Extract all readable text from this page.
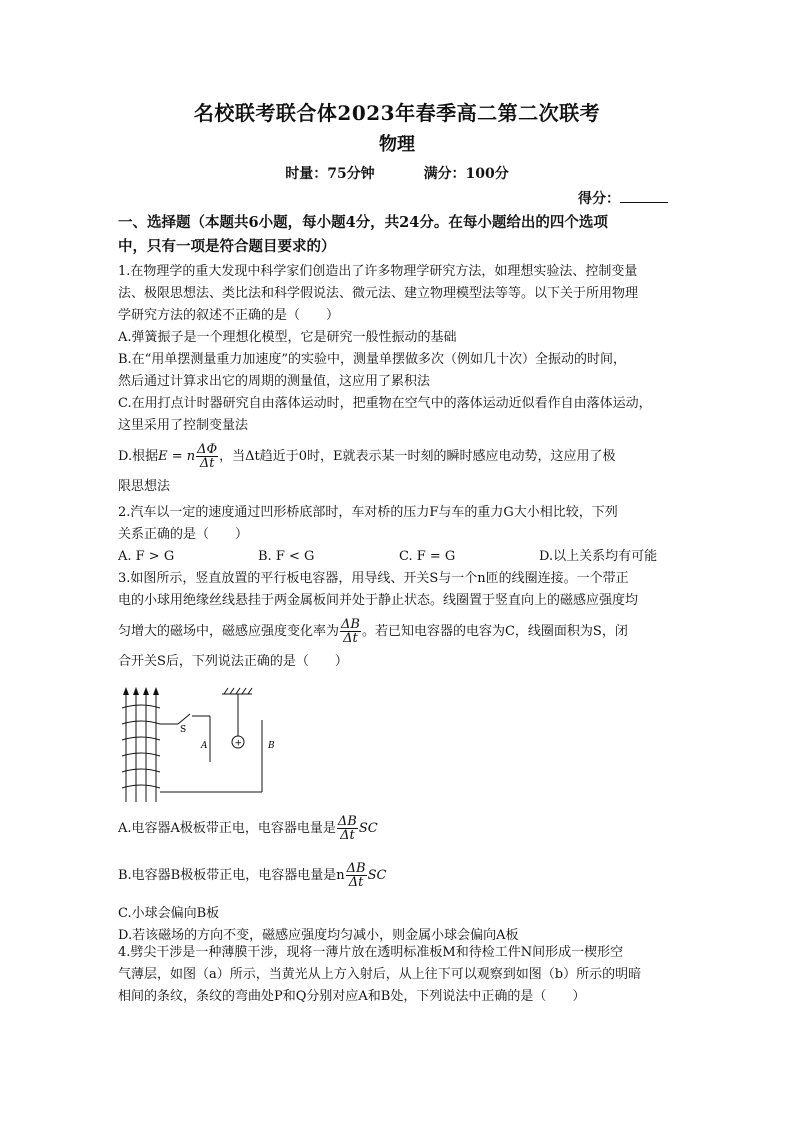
名校联考联合体2023年春季高二第二次联考
物理
时量：75分钟	满分：100分
得分：
一、选择题（本题共6小题，每小题4分，共24分。在每小题给出的四个选项
中，只有一项是符合题目要求的）

1.在物理学的重大发现中科学家们创造出了许多物理学研究方法，如理想实验法、控制变量

法、极限思想法、类比法和科学假说法、微元法、建立物理模型法等等。以下关于所用物理

学研究方法的叙述不正确的是（　　）

A.弹簧振子是一个理想化模型，它是研究一般性振动的基础

B.在“用单摆测量重力加速度”的实验中，测量单摆做多次（例如几十次）全振动的时间，

然后通过计算求出它的周期的测量值，这应用了累积法

C.在用打点计时器研究自由落体运动时，把重物在空气中的落体运动近似看作自由落体运动，

这里采用了控制变量法

D.根据E = n $\frac{\Delta\Phi}{\Delta t}$ ，当Δt趋近于0时，E就表示某一时刻的瞬时感应电动势，这应用了极

限思想法

2.汽车以一定的速度通过凹形桥底部时，车对桥的压力F与车的重力G大小相比较，下列

关系正确的是（　　）

A. F > G	B. F < G	C. F = G	D.以上关系均有可能

3.如图所示，竖直放置的平行板电容器，用导线、开关S与一个n匝的线圈连接。一个带正

电的小球用绝缘丝线悬挂于两金属板间并处于静止状态。线圈置于竖直向上的磁感应强度均

匀增大的磁场中，磁感应强度变化率为 $\frac{\Delta B}{\Delta t}$ 。若已知电容器的电容为C，线圈面积为S，闭

合开关S后，下列说法正确的是（　　）

S
A	B
+

A.电容器A极板带正电，电容器电量是 $\frac{\Delta B}{\Delta t}$ SC

B.电容器B极板带正电，电容器电量是n $\frac{\Delta B}{\Delta t}$ SC

C.小球会偏向B板

D.若该磁场的方向不变，磁感应强度均匀减小，则金属小球会偏向A板

4.劈尖干涉是一种薄膜干涉，现将一薄片放在透明标准板M和待检工件N间形成一楔形空

气薄层，如图（a）所示，当黄光从上方入射后，从上往下可以观察到如图（b）所示的明暗

相间的条纹，条纹的弯曲处P和Q分别对应A和B处，下列说法中正确的是（　　）
